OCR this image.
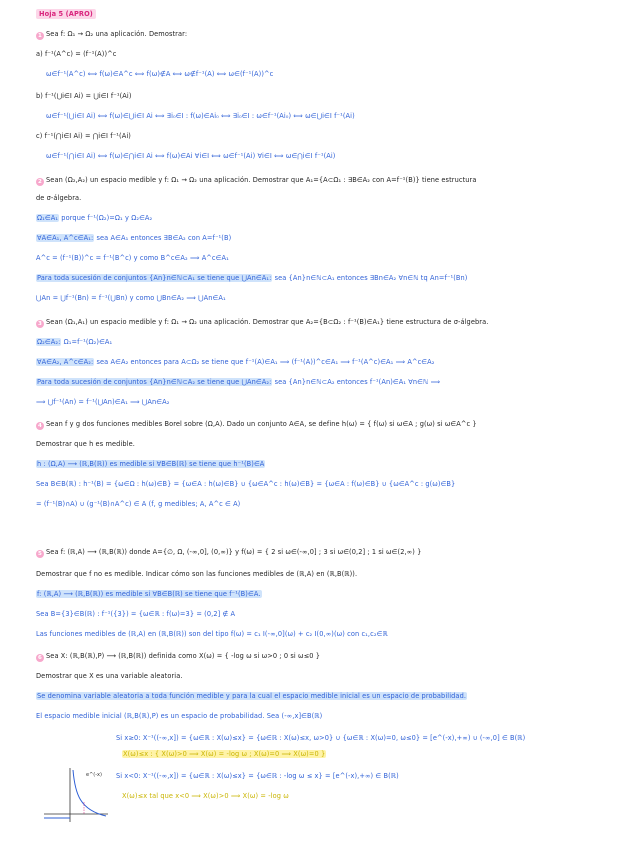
Hoja 5 (APRO)
1 Sea f: Ω₁ → Ω₂ una aplicación. Demostrar:
a) f⁻¹(A^c) = (f⁻¹(A))^c
ω∈f⁻¹(A^c) ⟺ f(ω)∈A^c ⟺ f(ω)∉A ⟺ ω∉f⁻¹(A) ⟺ ω∈(f⁻¹(A))^c
b) f⁻¹(⋃i∈I Ai) = ⋃i∈I f⁻¹(Ai)
ω∈f⁻¹(⋃i∈I Ai) ⟺ f(ω)∈⋃i∈I Ai ⟺ ∃i₀∈I : f(ω)∈Ai₀ ⟺ ∃i₀∈I : ω∈f⁻¹(Ai₀) ⟺ ω∈⋃i∈I f⁻¹(Ai)
c) f⁻¹(⋂i∈I Ai) = ⋂i∈I f⁻¹(Ai)
ω∈f⁻¹(⋂i∈I Ai) ⟺ f(ω)∈⋂i∈I Ai ⟺ f(ω)∈Ai ∀i∈I ⟺ ω∈f⁻¹(Ai) ∀i∈I ⟺ ω∈⋂i∈I f⁻¹(Ai)
2 Sean (Ω₂,A₂) un espacio medible y f: Ω₁ → Ω₂ una aplicación. Demostrar que A₁={A⊂Ω₁ : ∃B∈A₂ con A=f⁻¹(B)} tiene estructura
de σ-álgebra.
Ω₁∈A₁ porque f⁻¹(Ω₂)=Ω₁ y Ω₂∈A₂
∀A∈A₁, A^c∈A₁: sea A∈A₁ entonces ∃B∈A₂ con A=f⁻¹(B)
A^c = (f⁻¹(B))^c = f⁻¹(B^c) y como B^c∈A₂ ⟹ A^c∈A₁
Para toda sucesión de conjuntos {An}n∈ℕ⊂A₁ se tiene que ⋃An∈A₁: sea {An}n∈ℕ⊂A₁ entonces ∃Bn∈A₂ ∀n∈ℕ tq An=f⁻¹(Bn)
⋃An = ⋃f⁻¹(Bn) = f⁻¹(⋃Bn) y como ⋃Bn∈A₂ ⟹ ⋃An∈A₁
3 Sean (Ω₁,A₁) un espacio medible y f: Ω₁ → Ω₂ una aplicación. Demostrar que A₂={B⊂Ω₂ : f⁻¹(B)∈A₁} tiene estructura de σ-álgebra.
Ω₂∈A₂: Ω₁=f⁻¹(Ω₂)∈A₁
∀A∈A₂, A^c∈A₂: sea A∈A₂ entonces para A⊂Ω₂ se tiene que f⁻¹(A)∈A₁ ⟹ (f⁻¹(A))^c∈A₁ ⟹ f⁻¹(A^c)∈A₁ ⟹ A^c∈A₂
Para toda sucesión de conjuntos {An}n∈ℕ⊂A₂ se tiene que ⋃An∈A₂: sea {An}n∈ℕ⊂A₂ entonces f⁻¹(An)∈A₁ ∀n∈ℕ ⟹
⟹ ⋃f⁻¹(An) = f⁻¹(⋃An)∈A₁ ⟹ ⋃An∈A₂
4 Sean f y g dos funciones medibles Borel sobre (Ω,A). Dado un conjunto A∈A, se define h(ω) = { f(ω) si ω∈A ; g(ω) si ω∈A^c }
Demostrar que h es medible.
h : (Ω,A) ⟶ (ℝ,B(ℝ)) es medible si ∀B∈B(ℝ) se tiene que h⁻¹(B)∈A
Sea B∈B(ℝ) : h⁻¹(B) = {ω∈Ω : h(ω)∈B} = {ω∈A : h(ω)∈B} ∪ {ω∈A^c : h(ω)∈B} = {ω∈A : f(ω)∈B} ∪ {ω∈A^c : g(ω)∈B}
= (f⁻¹(B)∩A) ∪ (g⁻¹(B)∩A^c) ∈ A (f, g medibles; A, A^c ∈ A)
5 Sea f: (ℝ,A) ⟶ (ℝ,B(ℝ)) donde A={∅, Ω, (-∞,0], (0,∞)} y f(ω) = { 2 si ω∈(-∞,0] ; 3 si ω∈(0,2] ; 1 si ω∈(2,∞) }
Demostrar que f no es medible. Indicar cómo son las funciones medibles de (ℝ,A) en (ℝ,B(ℝ)).
f: (ℝ,A) ⟶ (ℝ,B(ℝ)) es medible si ∀B∈B(ℝ) se tiene que f⁻¹(B)∈A.
Sea B={3}∈B(ℝ) : f⁻¹({3}) = {ω∈ℝ : f(ω)=3} = (0,2] ∉ A
Las funciones medibles de (ℝ,A) en (ℝ,B(ℝ)) son del tipo f(ω) = c₁ I(-∞,0](ω) + c₂ I(0,∞)(ω) con c₁,c₂∈ℝ
6 Sea X: (ℝ,B(ℝ),P) ⟶ (ℝ,B(ℝ)) definida como X(ω) = { -log ω si ω>0 ; 0 si ω≤0 }
Demostrar que X es una variable aleatoria.
Se denomina variable aleatoria a toda función medible y para la cual el espacio medible inicial es un espacio de probabilidad.
El espacio medible inicial (ℝ,B(ℝ),P) es un espacio de probabilidad. Sea (-∞,x]∈B(ℝ)
Si x≥0: X⁻¹((-∞,x]) = {ω∈ℝ : X(ω)≤x} = {ω∈ℝ : X(ω)≤x, ω>0} ∪ {ω∈ℝ : X(ω)=0, ω≤0} = [e^(-x),+∞) ∪ (-∞,0] ∈ B(ℝ)
X(ω)≤x : { X(ω)>0 ⟹ X(ω) = -log ω ; X(ω)=0 ⟹ X(ω)=0 }
Si x<0: X⁻¹((-∞,x]) = {ω∈ℝ : X(ω)≤x} = {ω∈ℝ : -log ω ≤ x} = [e^(-x),+∞) ∈ B(ℝ)
X(ω)≤x tal que x<0 ⟹ X(ω)>0 ⟹ X(ω) = -log ω
e^(-x)
